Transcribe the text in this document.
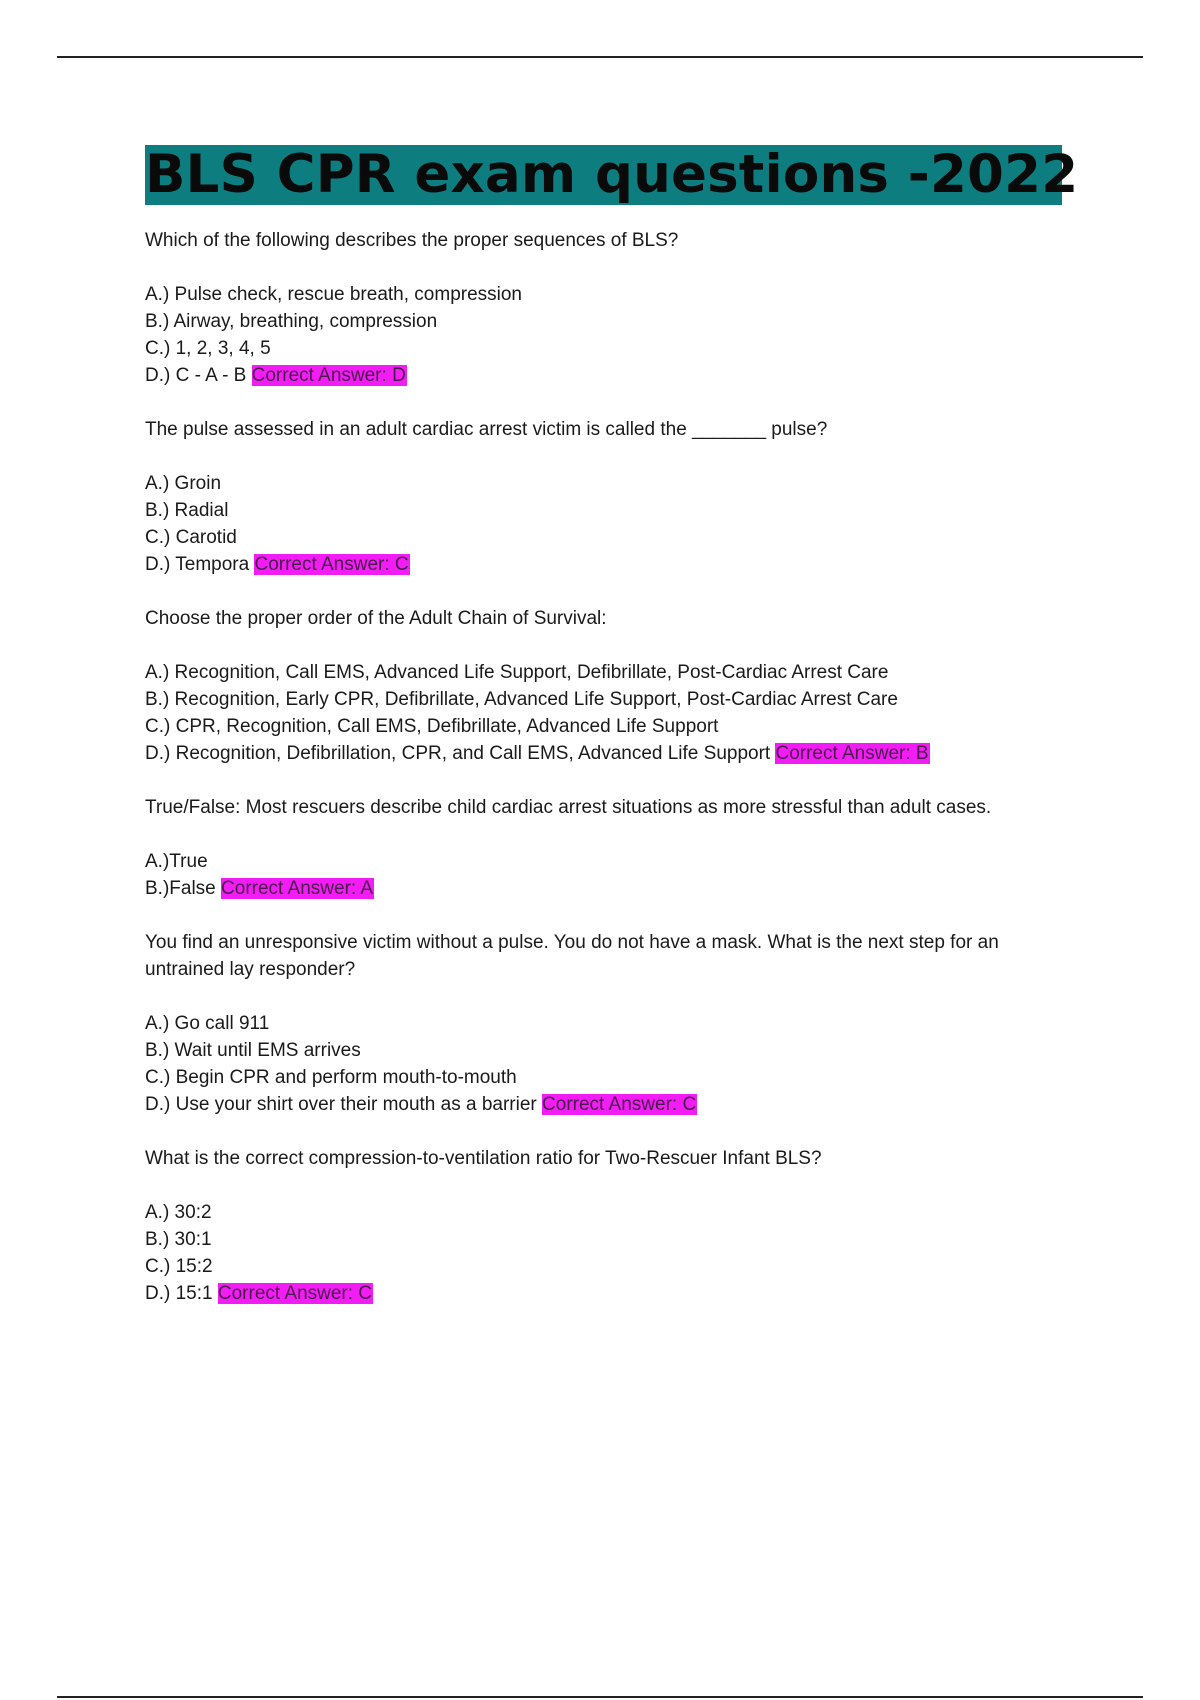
BLS CPR exam questions -2022

Which of the following describes the proper sequences of BLS?

A.) Pulse check, rescue breath, compression
B.) Airway, breathing, compression
C.) 1, 2, 3, 4, 5
D.) C - A - B Correct Answer: D

The pulse assessed in an adult cardiac arrest victim is called the _______ pulse?

A.) Groin
B.) Radial
C.) Carotid
D.) Tempora Correct Answer: C

Choose the proper order of the Adult Chain of Survival:

A.) Recognition, Call EMS, Advanced Life Support, Defibrillate, Post-Cardiac Arrest Care
B.) Recognition, Early CPR, Defibrillate, Advanced Life Support, Post-Cardiac Arrest Care
C.) CPR, Recognition, Call EMS, Defibrillate, Advanced Life Support
D.) Recognition, Defibrillation, CPR, and Call EMS, Advanced Life Support Correct Answer: B

True/False: Most rescuers describe child cardiac arrest situations as more stressful than adult cases.

A.)True
B.)False Correct Answer: A

You find an unresponsive victim without a pulse. You do not have a mask. What is the next step for an untrained lay responder?

A.) Go call 911
B.) Wait until EMS arrives
C.) Begin CPR and perform mouth-to-mouth
D.) Use your shirt over their mouth as a barrier Correct Answer: C

What is the correct compression-to-ventilation ratio for Two-Rescuer Infant BLS?

A.) 30:2
B.) 30:1
C.) 15:2
D.) 15:1 Correct Answer: C
